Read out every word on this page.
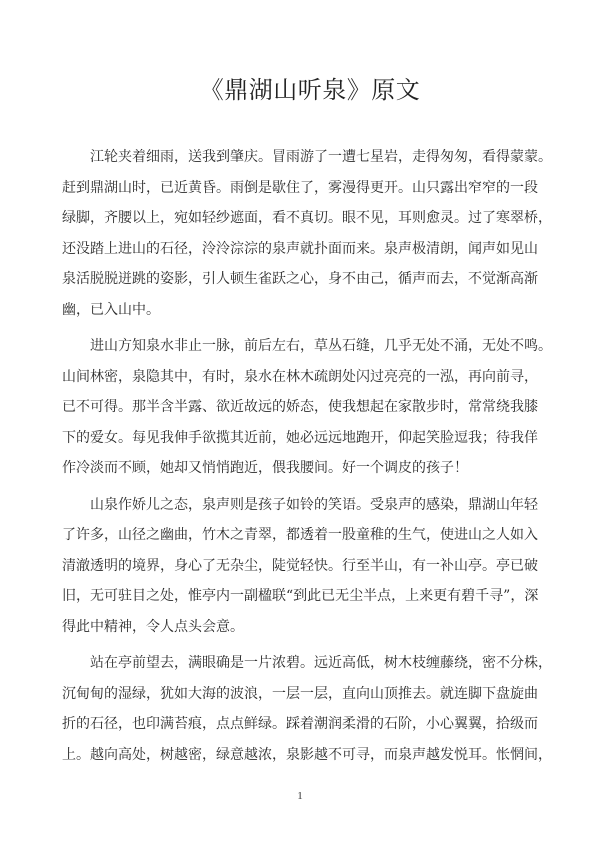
《鼎湖山听泉》原文
江轮夹着细雨，送我到肇庆。冒雨游了一遭七星岩，走得匆匆，看得蒙蒙。
赶到鼎湖山时，已近黄昏。雨倒是歇住了，雾漫得更开。山只露出窄窄的一段
绿脚，齐腰以上，宛如轻纱遮面，看不真切。眼不见，耳则愈灵。过了寒翠桥，
还没踏上进山的石径，泠泠淙淙的泉声就扑面而来。泉声极清朗，闻声如见山
泉活脱脱迸跳的姿影，引人顿生雀跃之心，身不由己，循声而去，不觉渐高渐
幽，已入山中。
进山方知泉水非止一脉，前后左右，草丛石缝，几乎无处不涌，无处不鸣。
山间林密，泉隐其中，有时，泉水在林木疏朗处闪过亮亮的一泓，再向前寻，
已不可得。那半含半露、欲近故远的娇态，使我想起在家散步时，常常绕我膝
下的爱女。每见我伸手欲揽其近前，她必远远地跑开，仰起笑脸逗我；待我佯
作冷淡而不顾，她却又悄悄跑近，偎我腰间。好一个调皮的孩子！
山泉作娇儿之态，泉声则是孩子如铃的笑语。受泉声的感染，鼎湖山年轻
了许多，山径之幽曲，竹木之青翠，都透着一股童稚的生气，使进山之人如入
清澈透明的境界，身心了无杂尘，陡觉轻快。行至半山，有一补山亭。亭已破
旧，无可驻目之处，惟亭内一副楹联“到此已无尘半点，上来更有碧千寻”，深
得此中精神，令人点头会意。
站在亭前望去，满眼确是一片浓碧。远近高低，树木枝缠藤绕，密不分株，
沉甸甸的湿绿，犹如大海的波浪，一层一层，直向山顶推去。就连脚下盘旋曲
折的石径，也印满苔痕，点点鲜绿。踩着潮润柔滑的石阶，小心翼翼，拾级而
上。越向高处，树越密，绿意越浓，泉影越不可寻，而泉声越发悦耳。怅惘间，
1
